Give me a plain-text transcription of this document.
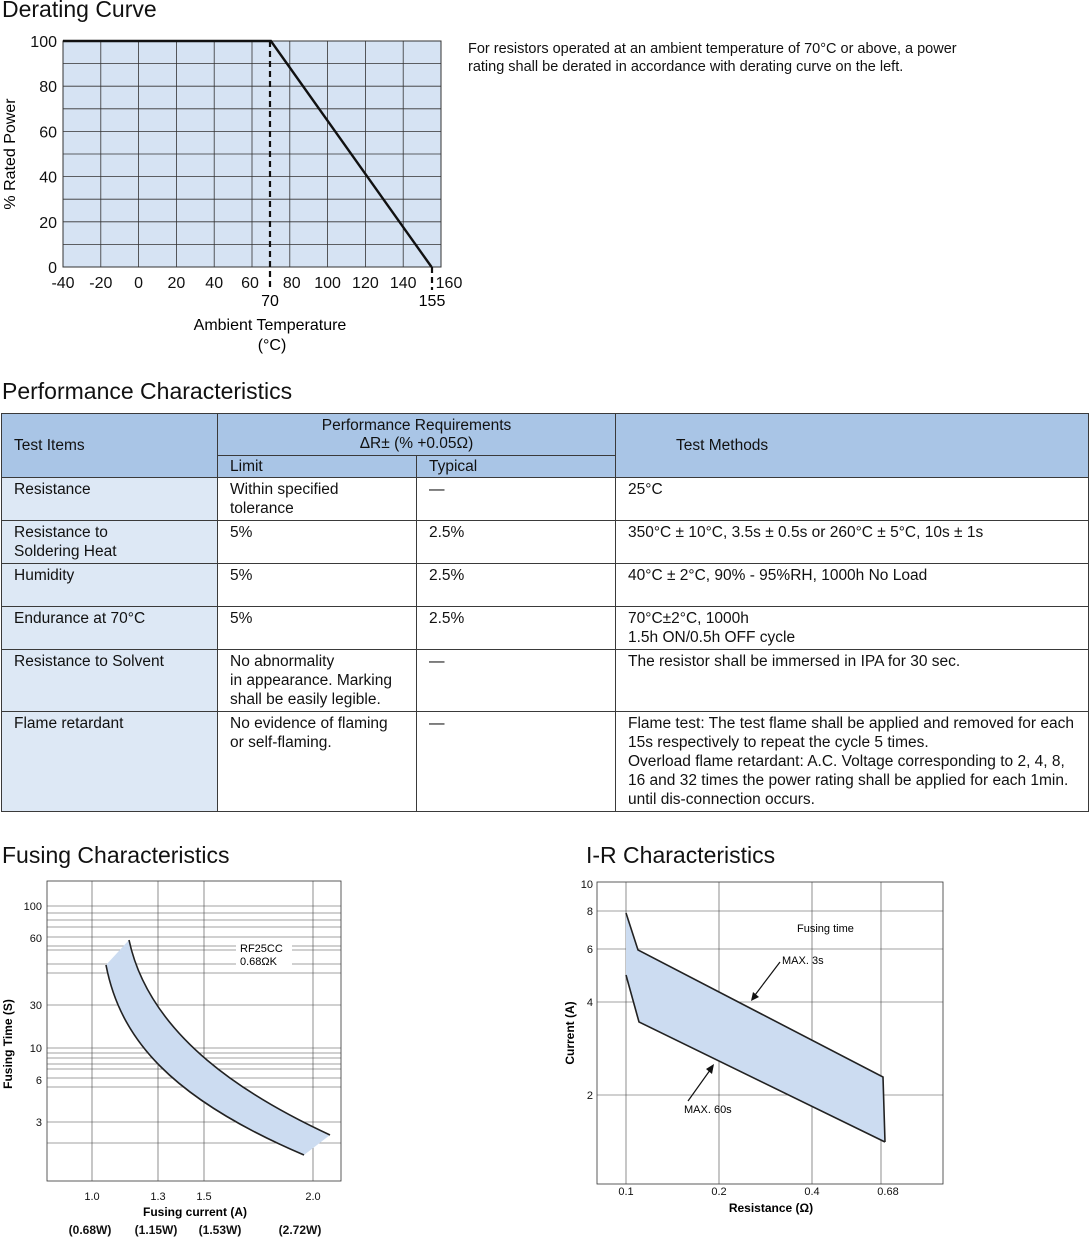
Derating Curve
0
20
40
60
80
100
-40 -20 0 20 40 60 80 100 120 140 160
70	155
Ambient Temperature
(°C)
% Rated Power
For resistors operated at an ambient temperature of 70°C or above, a power rating shall be derated in accordance with derating curve on the left.
Performance Characteristics
Test Items	Performance Requirements
ΔR± (% +0.05Ω)		Test Methods
	Limit	Typical	
Resistance	Within specified tolerance	—	25°C
Resistance to
Soldering Heat	5%	2.5%	350°C ± 10°C, 3.5s ± 0.5s or 260°C ± 5°C, 10s ± 1s
Humidity	5%	2.5%	40°C ± 2°C, 90% - 95%RH, 1000h No Load
Endurance at 70°C	5%	2.5%	70°C±2°C, 1000h
1.5h ON/0.5h OFF cycle
Resistance to Solvent	No abnormality
in appearance. Marking
shall be easily legible.	—	The resistor shall be immersed in IPA for 30 sec.
Flame retardant	No evidence of flaming
or self-flaming.	—	Flame test: The test flame shall be applied and removed for each 15s respectively to repeat the cycle 5 times.
Overload flame retardant: A.C. Voltage corresponding to 2, 4, 8, 16 and 32 times the power rating shall be applied for each 1min. until dis-connection occurs.
Fusing Characteristics
RF25CC
0.68ΩK
100
60
30
10
6
3
1.0	1.3	1.5	2.0
(0.68W) (1.15W) (1.53W)	(2.72W)
Fusing current (A)
Fusing Time (S)
I-R Characteristics
Fusing time
MAX. 3s
MAX. 60s
10
8
6
4
2
0.1	0.2	0.4	0.68
Resistance (Ω)
Current (A)
